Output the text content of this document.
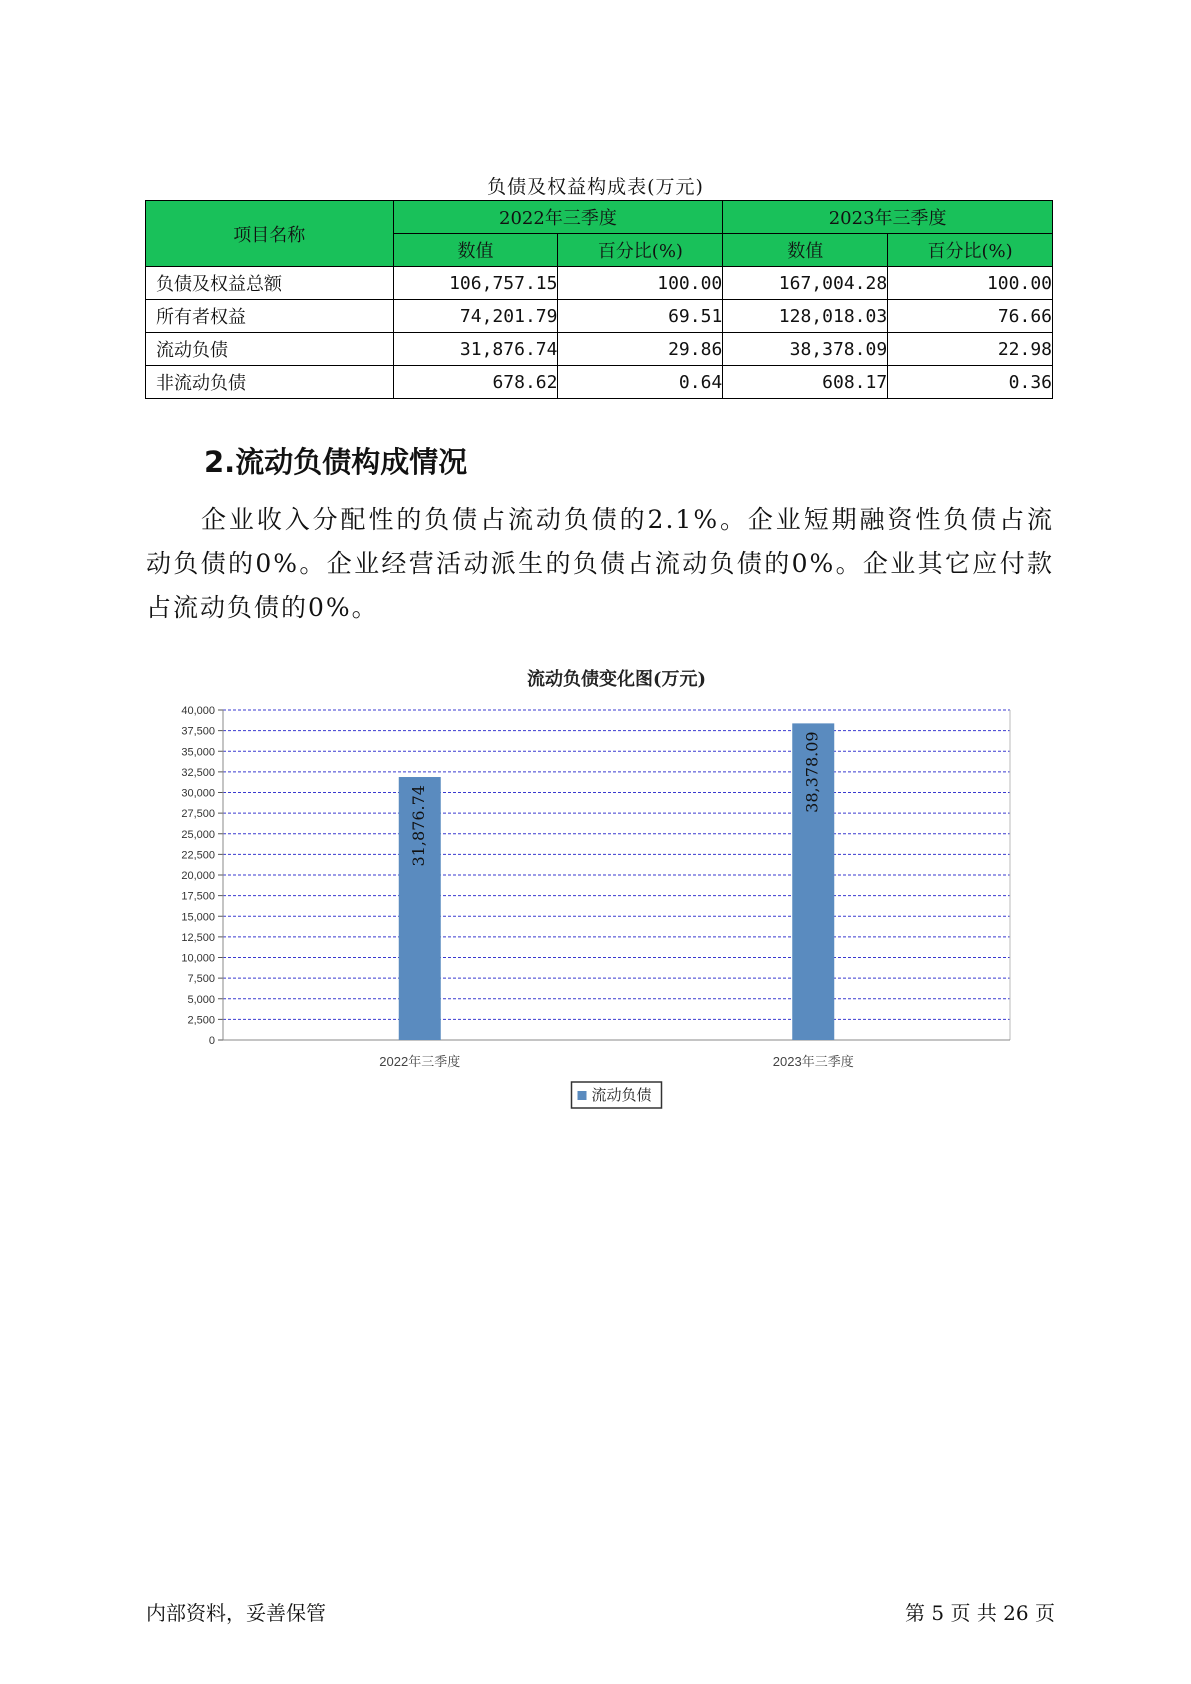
负债及权益构成表(万元)
项目名称	2022年三季度		2023年三季度	
	数值	百分比(%)	数值	百分比(%)
负债及权益总额	106,757.15	100.00	167,004.28	100.00
所有者权益	74,201.79	69.51	128,018.03	76.66
流动负债	31,876.74	29.86	38,378.09	22.98
非流动负债	678.62	0.64	608.17	0.36
2.流动负债构成情况
企业收入分配性的负债占流动负债的2.1%。企业短期融资性负债占流动负债的0%。企业经营活动派生的负债占流动负债的0%。企业其它应付款占流动负债的0%。
流动负债变化图(万元)
0
2,500
5,000
7,500
10,000
12,500
15,000
17,500
20,000
22,500
25,000
27,500
30,000
32,500
35,000
37,500
40,000
31,876.74
2022年三季度
38,378.09
2023年三季度
流动负债
内部资料，妥善保管	第 5 页 共 26 页
